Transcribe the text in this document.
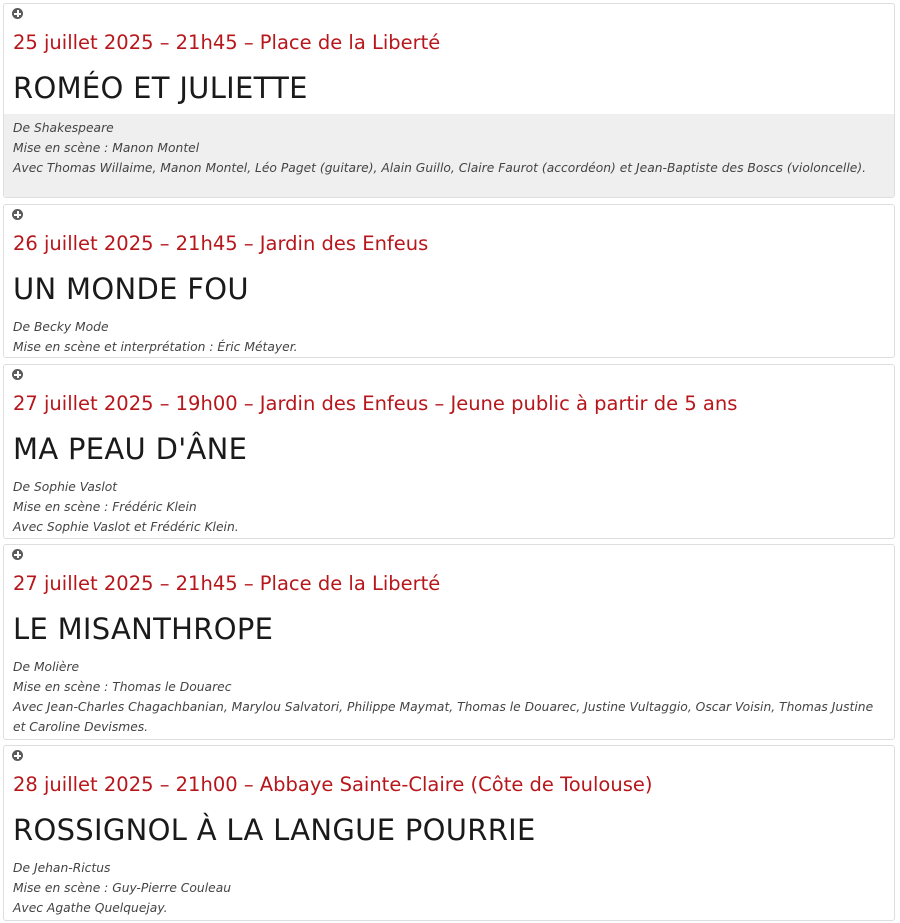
25 juillet 2025 – 21h45 – Place de la Liberté
ROMÉO ET JULIETTE

De Shakespeare

Mise en scène : Manon Montel

Avec Thomas Willaime, Manon Montel, Léo Paget (guitare), Alain Guillo, Claire Faurot (accordéon) et Jean-Baptiste des Boscs (violoncelle).

26 juillet 2025 – 21h45 – Jardin des Enfeus
UN MONDE FOU

De Becky Mode

Mise en scène et interprétation : Éric Métayer.

27 juillet 2025 – 19h00 – Jardin des Enfeus – Jeune public à partir de 5 ans
MA PEAU D'ÂNE

De Sophie Vaslot

Mise en scène : Frédéric Klein

Avec Sophie Vaslot et Frédéric Klein.

27 juillet 2025 – 21h45 – Place de la Liberté
LE MISANTHROPE

De Molière

Mise en scène : Thomas le Douarec

Avec Jean-Charles Chagachbanian, Marylou Salvatori, Philippe Maymat, Thomas le Douarec, Justine Vultaggio, Oscar Voisin, Thomas Justine et Caroline Devismes.

28 juillet 2025 – 21h00 – Abbaye Sainte-Claire (Côte de Toulouse)
ROSSIGNOL À LA LANGUE POURRIE

De Jehan-Rictus

Mise en scène : Guy-Pierre Couleau

Avec Agathe Quelquejay.
